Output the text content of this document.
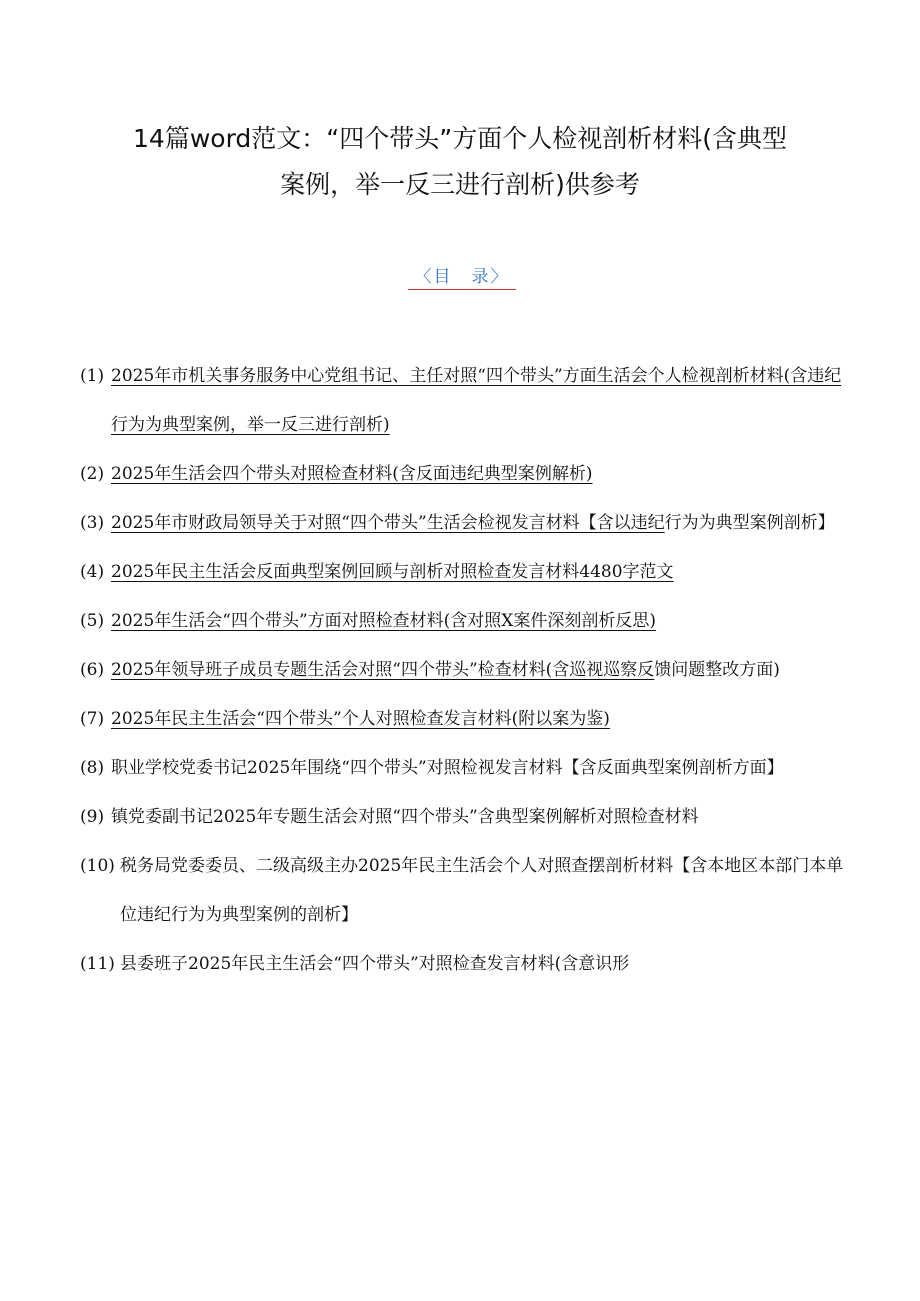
14篇word范文：“四个带头”方面个人检视剖析材料(含典型
案例，举一反三进行剖析)供参考
〈目　录〉
(1) 2025年市机关事务服务中心党组书记、主任对照“四个带头”方面生活会个人检视剖析材料(含违纪行为为典型案例，举一反三进行剖析)
(2) 2025年生活会四个带头对照检查材料(含反面违纪典型案例解析)
(3) 2025年市财政局领导关于对照“四个带头”生活会检视发言材料【含以违纪行为为典型案例剖析】
(4) 2025年民主生活会反面典型案例回顾与剖析对照检查发言材料4480字范文
(5) 2025年生活会“四个带头”方面对照检查材料(含对照X案件深刻剖析反思)
(6) 2025年领导班子成员专题生活会对照“四个带头”检查材料(含巡视巡察反馈问题整改方面)
(7) 2025年民主生活会“四个带头”个人对照检查发言材料(附以案为鉴)
(8) 职业学校党委书记2025年围绕“四个带头”对照检视发言材料【含反面典型案例剖析方面】
(9) 镇党委副书记2025年专题生活会对照“四个带头”含典型案例解析对照检查材料
(10) 税务局党委委员、二级高级主办2025年民主生活会个人对照查摆剖析材料【含本地区本部门本单位违纪行为为典型案例的剖析】
(11) 县委班子2025年民主生活会“四个带头”对照检查发言材料(含意识形
